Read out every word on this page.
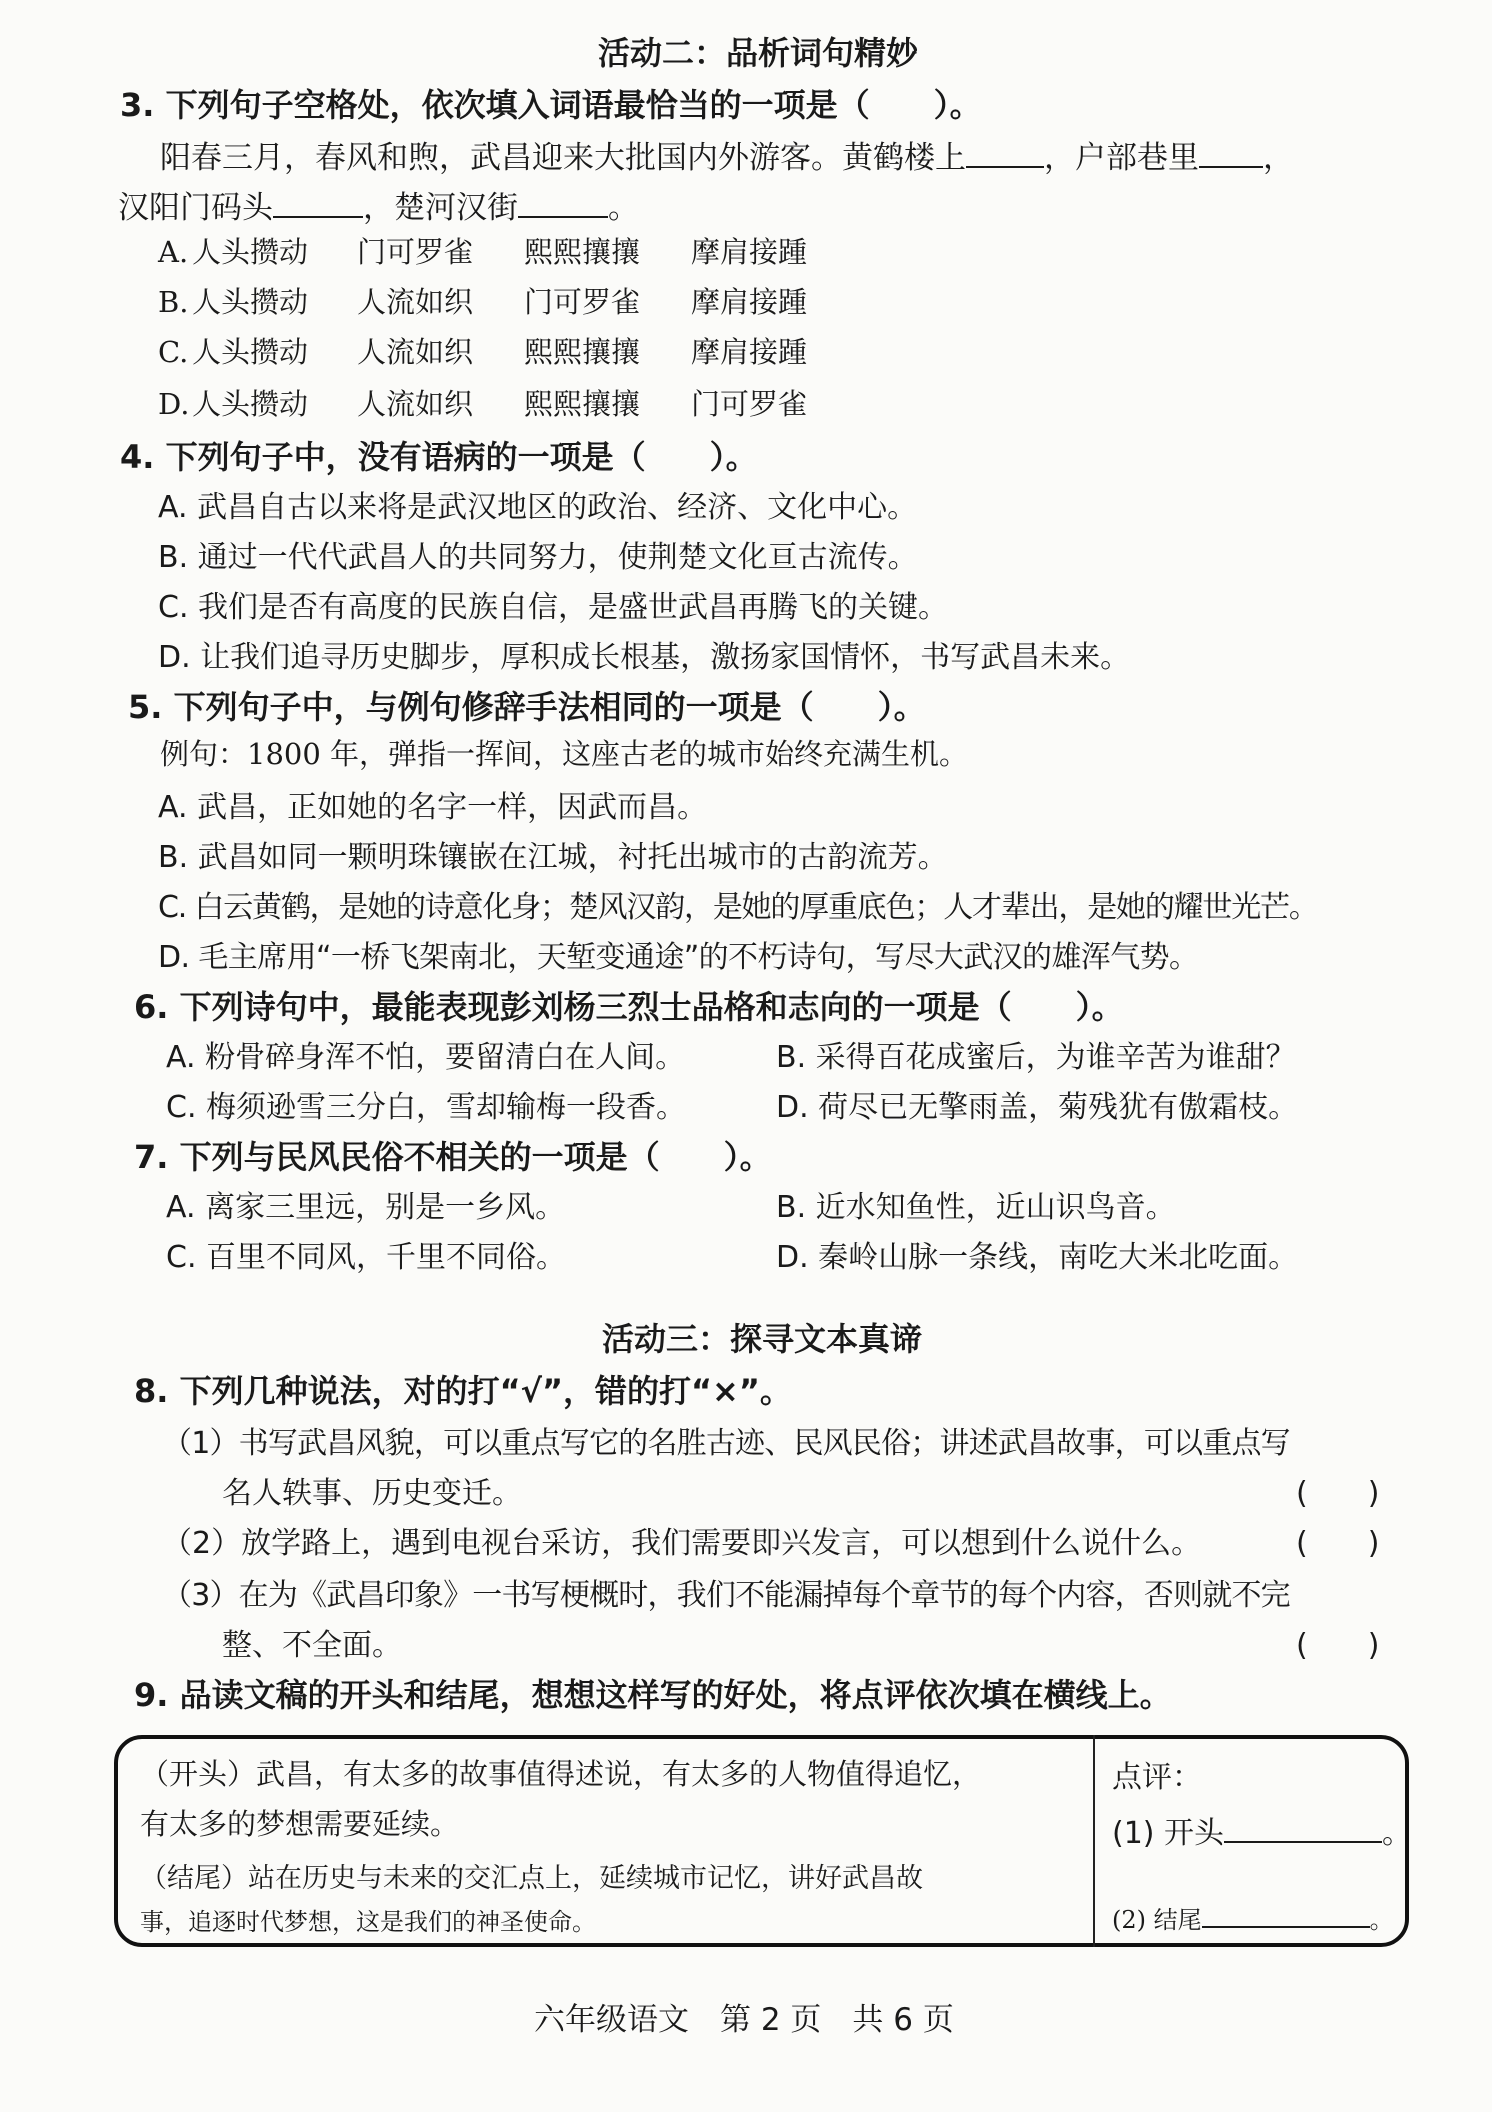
活动二：品析词句精妙
3. 下列句子空格处，依次填入词语最恰当的一项是（　　）。
阳春三月，春风和煦，武昌迎来大批国内外游客。黄鹤楼上	，户部巷里 ，
汉阳门码头	，楚河汉街	。
A. 人头攒动 门可罗雀 熙熙攘攘 摩肩接踵
B. 人头攒动 人流如织 门可罗雀 摩肩接踵
C. 人头攒动 人流如织 熙熙攘攘 摩肩接踵
D.人头攒动 人流如织 熙熙攘攘 门可罗雀
4. 下列句子中，没有语病的一项是（　　）。
A. 武昌自古以来将是武汉地区的政治、经济、文化中心。
B. 通过一代代武昌人的共同努力，使荆楚文化亘古流传。
C. 我们是否有高度的民族自信，是盛世武昌再腾飞的关键。
D. 让我们追寻历史脚步，厚积成长根基，激扬家国情怀，书写武昌未来。
5. 下列句子中，与例句修辞手法相同的一项是（　　）。
例句：1800 年，弹指一挥间，这座古老的城市始终充满生机。
A. 武昌，正如她的名字一样，因武而昌。
B. 武昌如同一颗明珠镶嵌在江城，衬托出城市的古韵流芳。
C. 白云黄鹤，是她的诗意化身；楚风汉韵，是她的厚重底色；人才辈出，是她的耀世光芒。
D. 毛主席用“一桥飞架南北，天堑变通途”的不朽诗句，写尽大武汉的雄浑气势。
6. 下列诗句中，最能表现彭刘杨三烈士品格和志向的一项是（　　）。
A. 粉骨碎身浑不怕，要留清白在人间。	B. 采得百花成蜜后，为谁辛苦为谁甜？
C. 梅须逊雪三分白，雪却输梅一段香。	D. 荷尽已无擎雨盖，菊残犹有傲霜枝。
7. 下列与民风民俗不相关的一项是（　　）。
A. 离家三里远，别是一乡风。	B. 近水知鱼性，近山识鸟音。
C. 百里不同风，千里不同俗。	D. 秦岭山脉一条线，南吃大米北吃面。
活动三：探寻文本真谛
8. 下列几种说法，对的打“√”，错的打“×”。
（1）书写武昌风貌，可以重点写它的名胜古迹、民风民俗；讲述武昌故事，可以重点写
名人轶事、历史变迁。	(　　)
（2）放学路上，遇到电视台采访，我们需要即兴发言，可以想到什么说什么。	(　　)
（3）在为《武昌印象》一书写梗概时，我们不能漏掉每个章节的每个内容，否则就不完
整、不全面。	(　　)
9. 品读文稿的开头和结尾，想想这样写的好处，将点评依次填在横线上。
（开头）武昌，有太多的故事值得述说，有太多的人物值得追忆，
有太多的梦想需要延续。
（结尾）站在历史与未来的交汇点上，延续城市记忆，讲好武昌故
事，追逐时代梦想，这是我们的神圣使命。
点评：
(1) 开头	。
(2) 结尾	。
六年级语文　第 2 页　共 6 页
